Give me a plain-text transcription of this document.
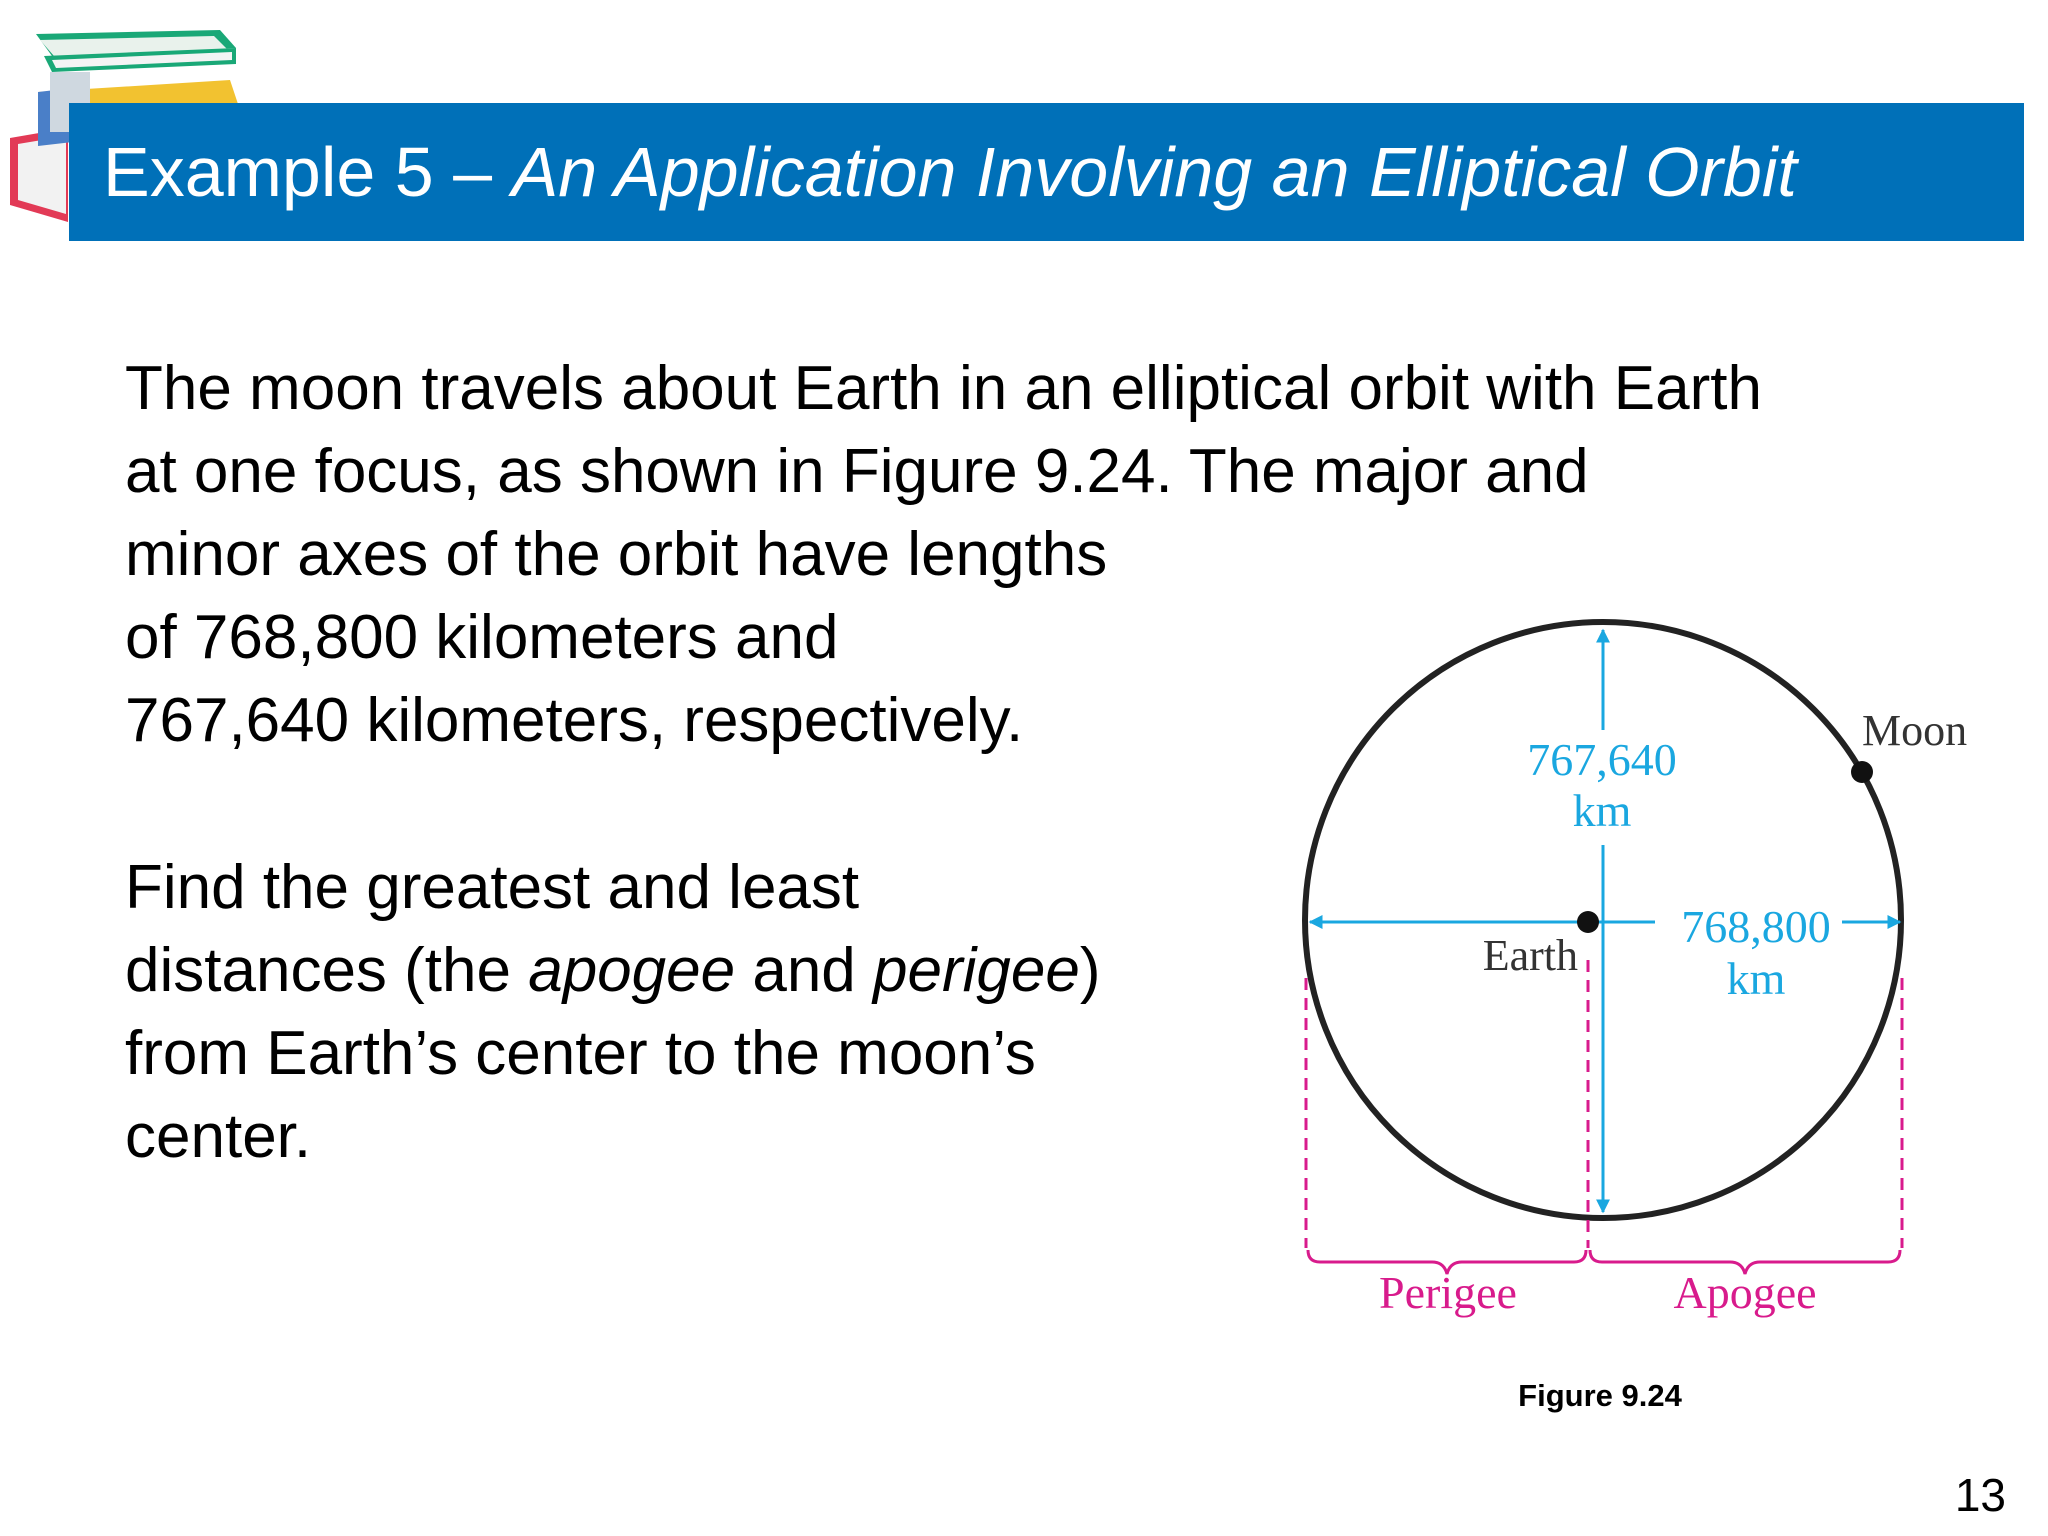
Example 5 – An Application Involving an Elliptical Orbit

The moon travels about Earth in an elliptical orbit with Earth
at one focus, as shown in Figure 9.24. The major and
minor axes of the orbit have lengths
of 768,800 kilometers and
767,640 kilometers, respectively.

Find the greatest and least
distances (the apogee and perigee)
from Earth’s center to the moon’s
center.

767,640
km
768,800
km
Earth
Moon
Perigee	Apogee
Figure 9.24
13
